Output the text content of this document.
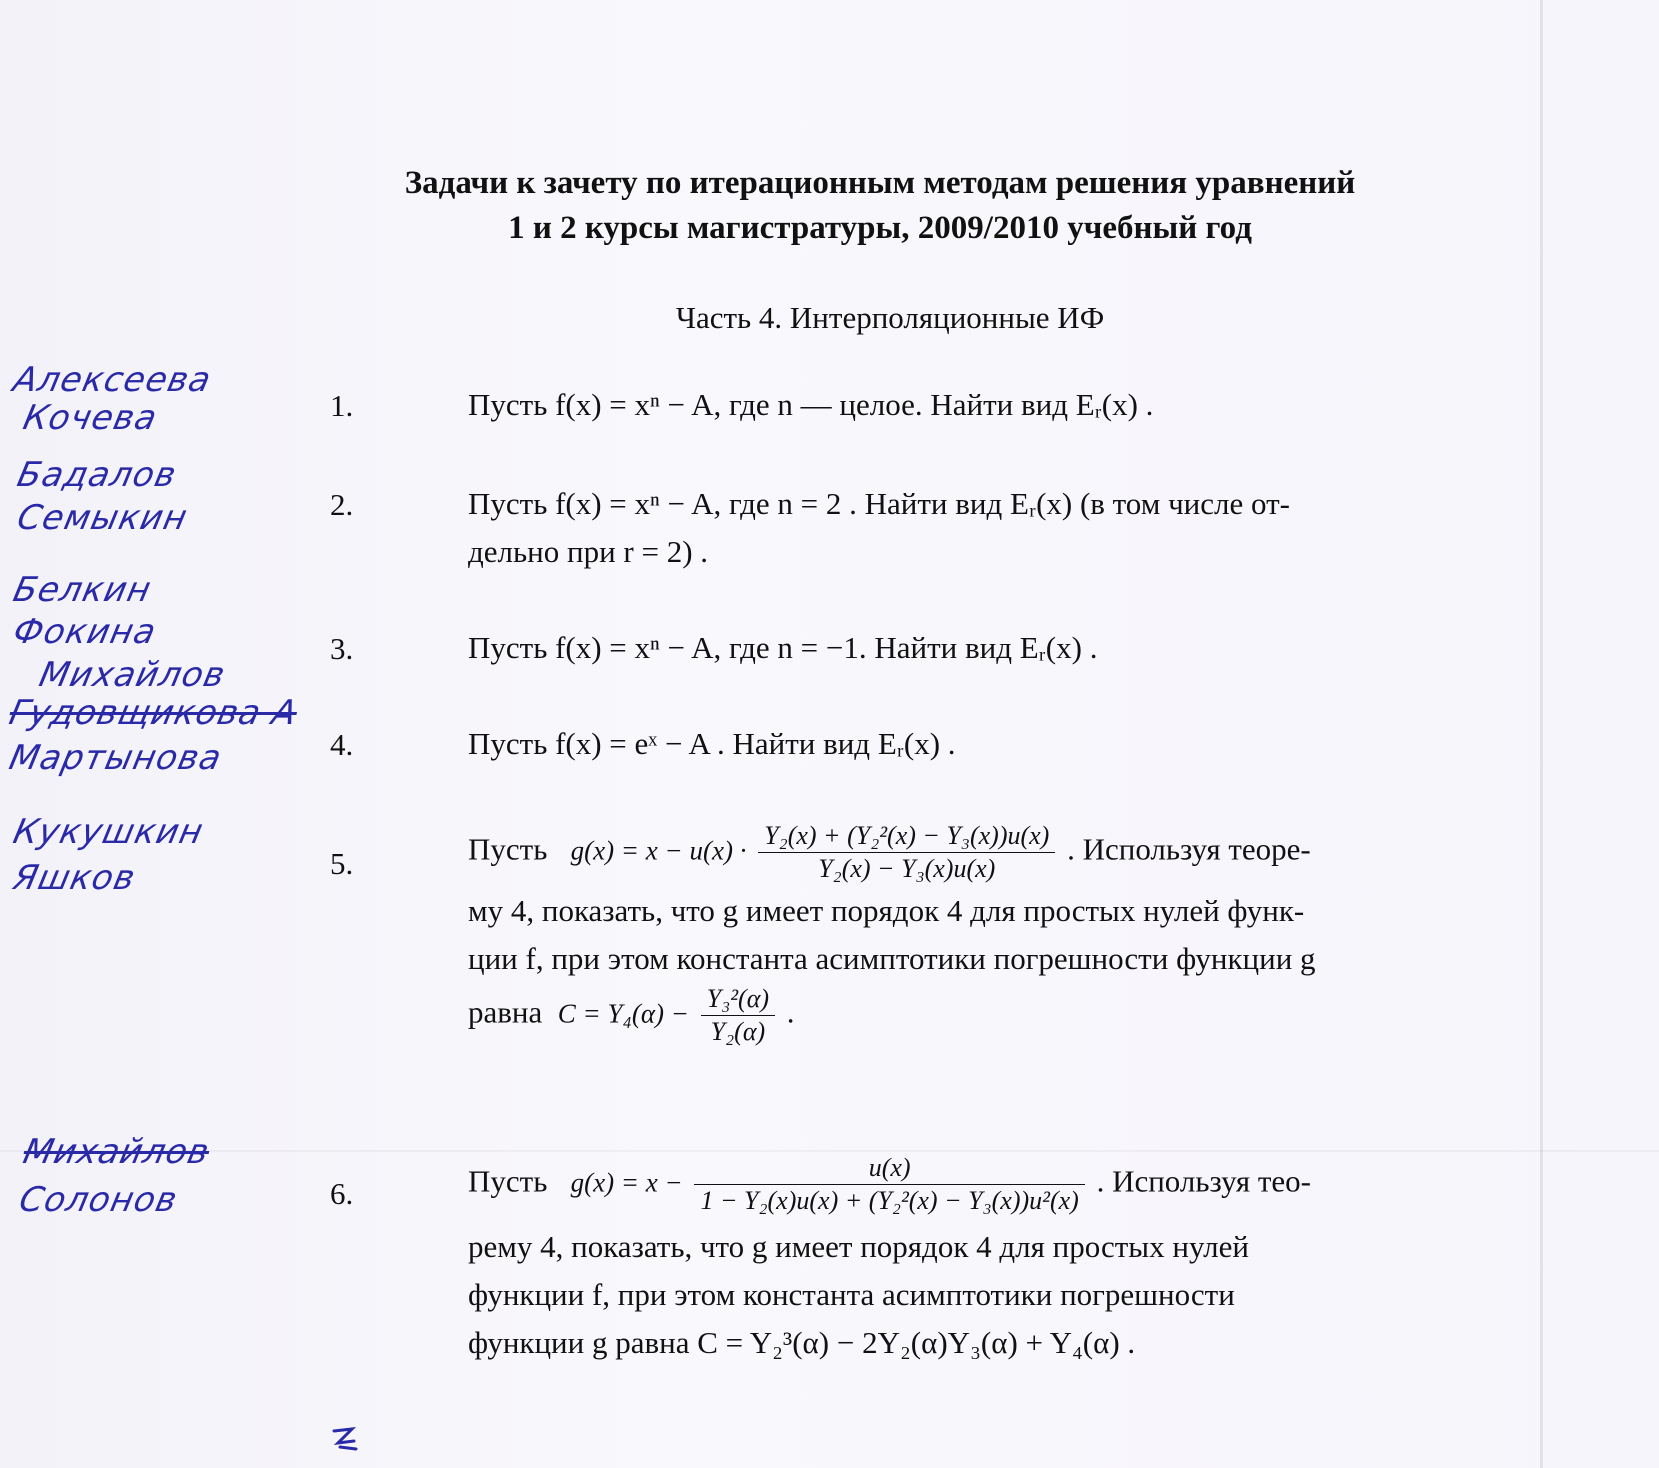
Задачи к зачету по итерационным методам решения уравнений
1 и 2 курсы магистратуры, 2009/2010 учебный год
Часть 4. Интерполяционные ИФ
1.	Пусть f(x) = xⁿ − A, где n — целое. Найти вид Eᵣ(x) .
2.	Пусть f(x) = xⁿ − A, где n = 2 . Найти вид Eᵣ(x) (в том числе от-
дельно при r = 2) .
3.	Пусть f(x) = xⁿ − A, где n = −1. Найти вид Eᵣ(x) .
4.	Пусть f(x) = eˣ − A . Найти вид Eᵣ(x) .
5.	Пусть $g(x) = x - u(x) \cdot \frac{\text{Y₂(x) + (Y₂²(x) − Y₃(x))u(x)}}{\text{Y₂(x) − Y₃(x)u(x)}}$ . Используя теоре-
му 4, показать, что g имеет порядок 4 для простых нулей функ-
ции f, при этом константа асимптотики погрешности функции g
равна $C = Y_4(\alpha) - \frac{\text{Y₃²(α)}}{\text{Y₂(α)}}$ .
6.	Пусть $g(x) = x - \frac{u(x)}{\text{1 − Y₂(x)u(x) + (Y₂²(x) − Y₃(x))u²(x)}}$ . Используя тео-
рему 4, показать, что g имеет порядок 4 для простых нулей
функции f, при этом константа асимптотики погрешности
функции g равна C = Y₂³(α) − 2Y₂(α)Y₃(α) + Y₄(α) .
Алексеева
Кочева
Бадалов
Семыкин
Белкин
Фокина
Михайлов
Гудовщикова А
Мартынова
Кукушкин
Яшков
Михайлов
Солонов
